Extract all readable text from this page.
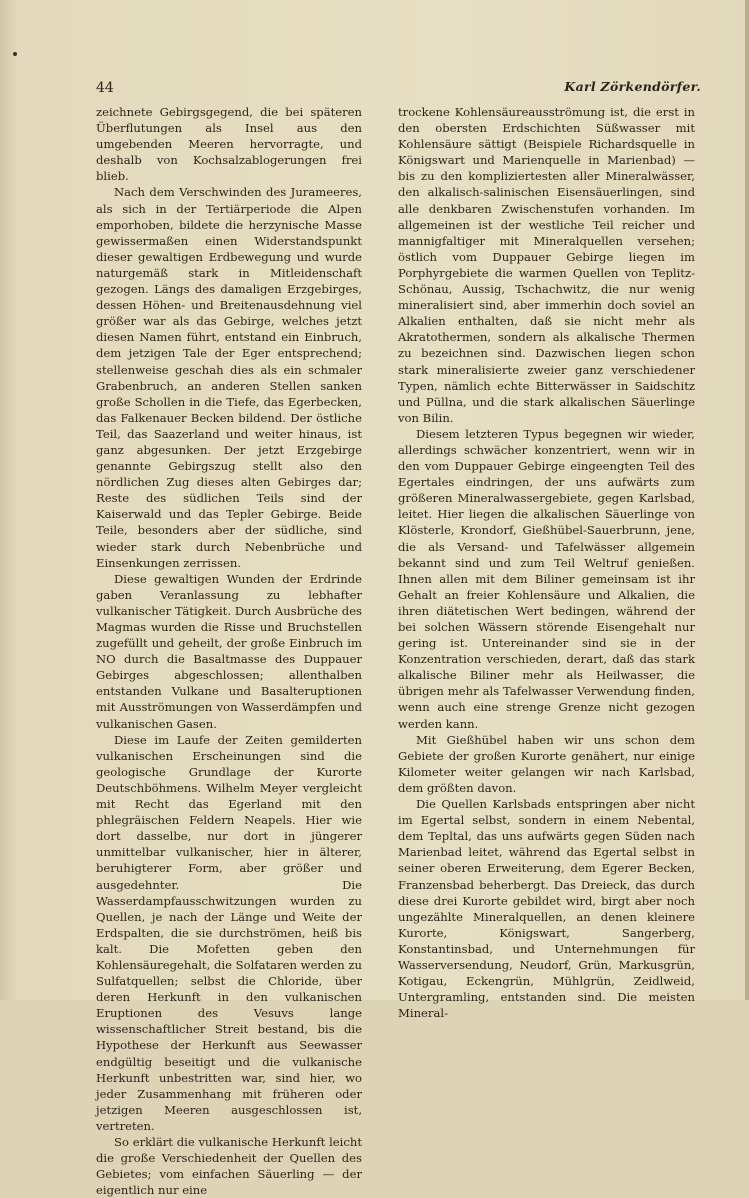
44	Karl Zörkendörfer.

zeichnete Gebirgsgegend, die bei späteren Überflutungen als Insel aus den umgebenden Meeren hervorragte, und deshalb von Kochsalzablogerungen frei blieb.

Nach dem Verschwinden des Jurameeres, als sich in der Tertiärperiode die Alpen emporhoben, bildete die herzynische Masse gewissermaßen einen Widerstandspunkt dieser gewaltigen Erdbewegung und wurde naturgemäß stark in Mitleidenschaft gezogen. Längs des damaligen Erzgebirges, dessen Höhen- und Breitenausdehnung viel größer war als das Gebirge, welches jetzt diesen Namen führt, entstand ein Einbruch, dem jetzigen Tale der Eger entsprechend; stellenweise geschah dies als ein schmaler Grabenbruch, an anderen Stellen sanken große Schollen in die Tiefe, das Egerbecken, das Falkenauer Becken bildend. Der östliche Teil, das Saazerland und weiter hinaus, ist ganz abgesunken. Der jetzt Erzgebirge genannte Gebirgszug stellt also den nördlichen Zug dieses alten Gebirges dar; Reste des südlichen Teils sind der Kaiserwald und das Tepler Gebirge. Beide Teile, besonders aber der südliche, sind wieder stark durch Nebenbrüche und Einsenkungen zerrissen.

Diese gewaltigen Wunden der Erdrinde gaben Veranlassung zu lebhafter vulkanischer Tätigkeit. Durch Ausbrüche des Magmas wurden die Risse und Bruchstellen zugefüllt und geheilt, der große Einbruch im NO durch die Basaltmasse des Duppauer Gebirges abgeschlossen; allenthalben entstanden Vulkane und Basalteruptionen mit Ausströmungen von Wasserdämpfen und vulkanischen Gasen.

Diese im Laufe der Zeiten gemilderten vulkanischen Erscheinungen sind die geologische Grundlage der Kurorte Deutschböhmens. Wilhelm Meyer vergleicht mit Recht das Egerland mit den phlegräischen Feldern Neapels. Hier wie dort dasselbe, nur dort in jüngerer unmittelbar vulkanischer, hier in älterer, beruhigterer Form, aber größer und ausgedehnter. Die Wasserdampfausschwitzungen wurden zu Quellen, je nach der Länge und Weite der Erdspalten, die sie durchströmen, heiß bis kalt. Die Mofetten geben den Kohlensäuregehalt, die Solfataren werden zu Sulfatquellen; selbst die Chloride, über deren Herkunft in den vulkanischen Eruptionen des Vesuvs lange wissenschaftlicher Streit bestand, bis die Hypothese der Herkunft aus Seewasser endgültig beseitigt und die vulkanische Herkunft unbestritten war, sind hier, wo jeder Zusammenhang mit früheren oder jetzigen Meeren ausgeschlossen ist, vertreten.

So erklärt die vulkanische Herkunft leicht die große Verschiedenheit der Quellen des Gebietes; vom einfachen Säuerling — der eigentlich nur eine

trockene Kohlensäureausströmung ist, die erst in den obersten Erdschichten Süßwasser mit Kohlensäure sättigt (Beispiele Richardsquelle in Königswart und Marienquelle in Marienbad) — bis zu den kompliziertesten aller Mineralwässer, den alkalisch-salinischen Eisensäuerlingen, sind alle denkbaren Zwischenstufen vorhanden. Im allgemeinen ist der westliche Teil reicher und mannigfaltiger mit Mineralquellen versehen; östlich vom Duppauer Gebirge liegen im Porphyrgebiete die warmen Quellen von Teplitz-Schönau, Aussig, Tschachwitz, die nur wenig mineralisiert sind, aber immerhin doch soviel an Alkalien enthalten, daß sie nicht mehr als Akratothermen, sondern als alkalische Thermen zu bezeichnen sind. Dazwischen liegen schon stark mineralisierte zweier ganz verschiedener Typen, nämlich echte Bitterwässer in Saidschitz und Püllna, und die stark alkalischen Säuerlinge von Bilin.

Diesem letzteren Typus begegnen wir wieder, allerdings schwächer konzentriert, wenn wir in den vom Duppauer Gebirge eingeengten Teil des Egertales eindringen, der uns aufwärts zum größeren Mineralwassergebiete, gegen Karlsbad, leitet. Hier liegen die alkalischen Säuerlinge von Klösterle, Krondorf, Gießhübel-Sauerbrunn, jene, die als Versand- und Tafelwässer allgemein bekannt sind und zum Teil Weltruf genießen. Ihnen allen mit dem Biliner gemeinsam ist ihr Gehalt an freier Kohlensäure und Alkalien, die ihren diätetischen Wert bedingen, während der bei solchen Wässern störende Eisengehalt nur gering ist. Untereinander sind sie in der Konzentration verschieden, derart, daß das stark alkalische Biliner mehr als Heilwasser, die übrigen mehr als Tafelwasser Verwendung finden, wenn auch eine strenge Grenze nicht gezogen werden kann.

Mit Gießhübel haben wir uns schon dem Gebiete der großen Kurorte genähert, nur einige Kilometer weiter gelangen wir nach Karlsbad, dem größten davon.

Die Quellen Karlsbads entspringen aber nicht im Egertal selbst, sondern in einem Nebental, dem Tepltal, das uns aufwärts gegen Süden nach Marienbad leitet, während das Egertal selbst in seiner oberen Erweiterung, dem Egerer Becken, Franzensbad beherbergt. Das Dreieck, das durch diese drei Kurorte gebildet wird, birgt aber noch ungezählte Mineralquellen, an denen kleinere Kurorte, Königswart, Sangerberg, Konstantinsbad, und Unternehmungen für Wasserversendung, Neudorf, Grün, Markusgrün, Kotigau, Eckengrün, Mühlgrün, Zeidlweid, Untergramling, entstanden sind. Die meisten Mineral-
